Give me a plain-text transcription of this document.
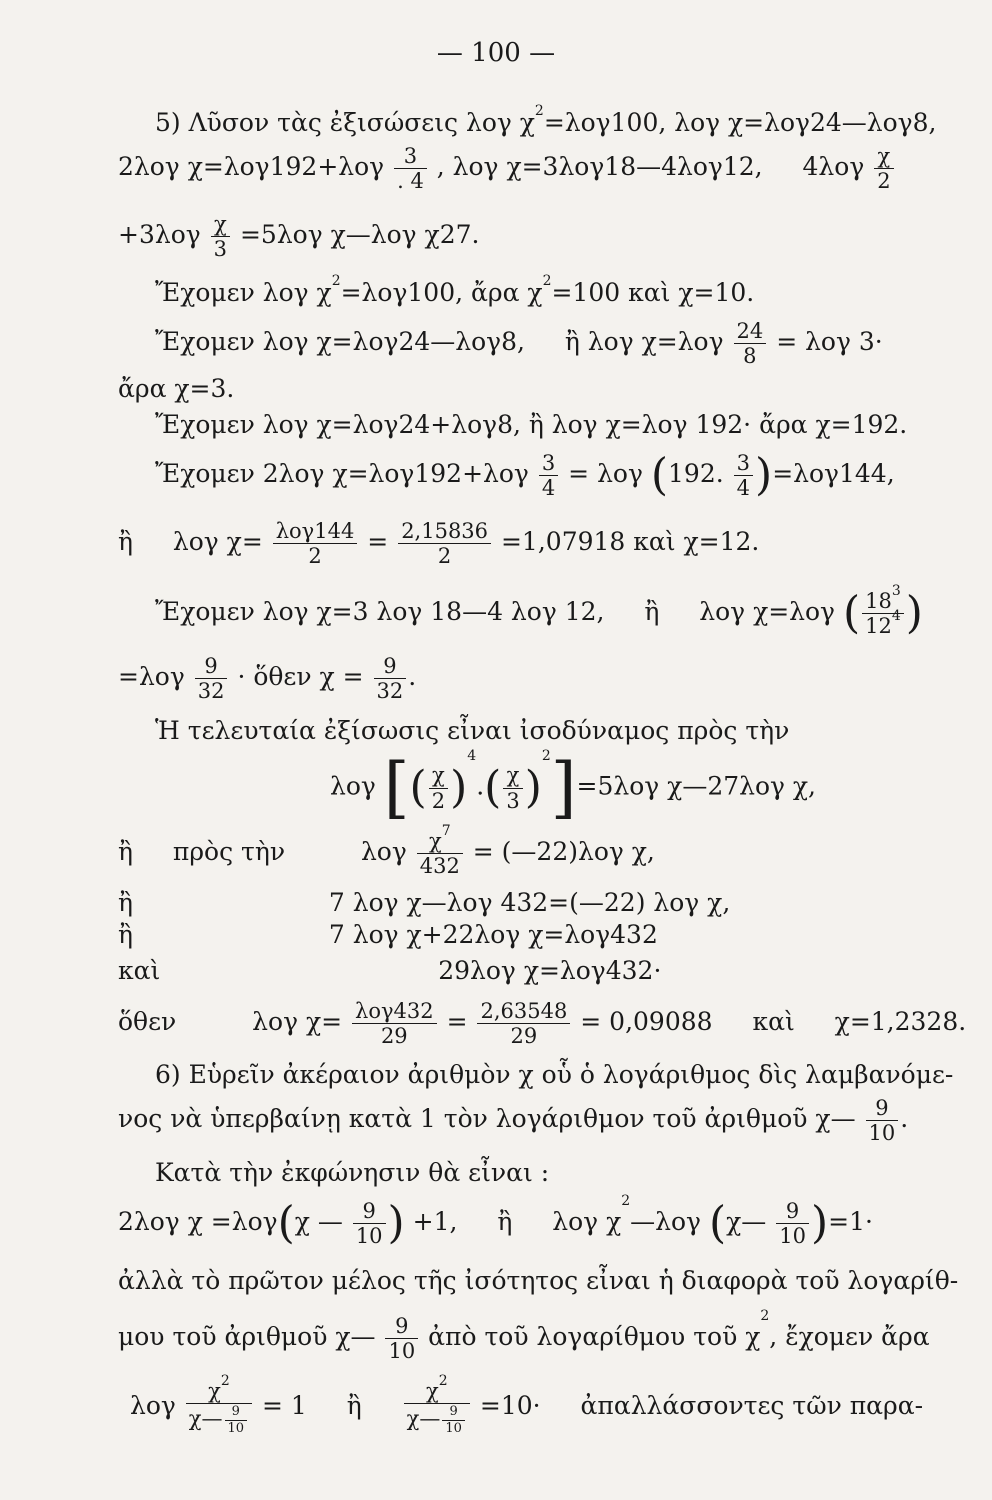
— 100 —
5) Λῦσον τὰς ἐξισώσεις λογ $\chi^2=\lambda o\gamma 100$, λογ χ=λογ24—λογ8,
2λογ $\chi=\lambda o\gamma 192+\lambda o\gamma \frac{3}{. 4}$ , λογ χ=3λογ18—4λογ12, $4\lambda o\gamma \frac{\chi}{2}$
$+3\lambda o\gamma \frac{\chi}{3} =5\lambda o\gamma$ χ—λογ χ27.
Ἔχομεν λογ $\chi^2=\lambda o\gamma 100$, ἄρα $\chi^2=100$ καὶ χ=10.
Ἔχομεν λογ χ=λογ24—λογ8, ἢ λογ $\chi=\lambda o\gamma \frac{24}{8} = \lambda o\gamma$ 3·
ἄρα χ=3.
Ἔχομεν λογ χ=λογ24+λογ8, ἢ λογ χ=λογ 192· ἄρα χ=192.
Ἔχομεν 2λογ $\chi=\lambda o\gamma 192+\lambda o\gamma \frac{3}{4} = \lambda o\gamma$ (192. $\frac{3}{4} )=\lambda o\gamma 144$,
ἢ λογ $\chi= \frac{\text{λογ144}}{2} = \frac{2,15836}{2} =1,07918$ καὶ χ=12.
Ἔχομεν λογ χ=3 λογ 18—4 λογ 12, ἢ λογ χ=λογ ( $\frac{18^3}{12^4}$ )
$=\lambda o\gamma \frac{9}{32}$ · ὅθεν $\chi = \frac{9}{32}$ .
Ἡ τελευταία ἐξίσωσις εἶναι ἰσοδύναμος πρὸς τὴν
λογ [( $\frac{\chi}{2} )^4.( \frac{\chi}{3} )^2]=5\lambda o\gamma$ χ—27λογ χ,
ἢ πρὸς τὴν	λογ $\frac{\chi^7}{432}$ = (—22)λογ χ,
ἢ	7 λογ χ—λογ 432=(—22) λογ χ,
ἢ	7 λογ χ+22λογ χ=λογ432
καὶ	29λογ χ=λογ432·
ὅθεν	λογ $\chi= \frac{\text{λογ432}}{29} = \frac{2,63548}{29} = 0,09088$ καὶ χ=1,2328.
6) Εὑρεῖν ἀκέραιον ἀριθμὸν χ οὗ ὁ λογάριθμος δὶς λαμβανόμε-
νος νὰ ὑπερβαίνῃ κατὰ 1 τὸν λογάριθμον τοῦ ἀριθμοῦ χ— $\frac{9}{10}$ .
Κατὰ τὴν ἐκφώνησιν θὰ εἶναι :
2λογ χ =λογ(χ — $\frac{9}{10}$ ) +1, ἢ λογ $\chi^2—\lambda o\gamma$ (χ— $\frac{9}{10} )=1\cdot$
ἀλλὰ τὸ πρῶτον μέλος τῆς ἰσότητος εἶναι ἡ διαφορὰ τοῦ λογαρίθ-
μου τοῦ ἀριθμοῦ χ— $\frac{9}{10}$ ἀπὸ τοῦ λογαρίθμου τοῦ $\chi^2$, ἔχομεν ἄρα
λογ $\frac{\chi^2}{\chi— \frac{9}{10}} = 1$ ἢ $\frac{\chi^2}{\chi— \frac{9}{10}} =10\cdot$ ἀπαλλάσσοντες τῶν παρα-
